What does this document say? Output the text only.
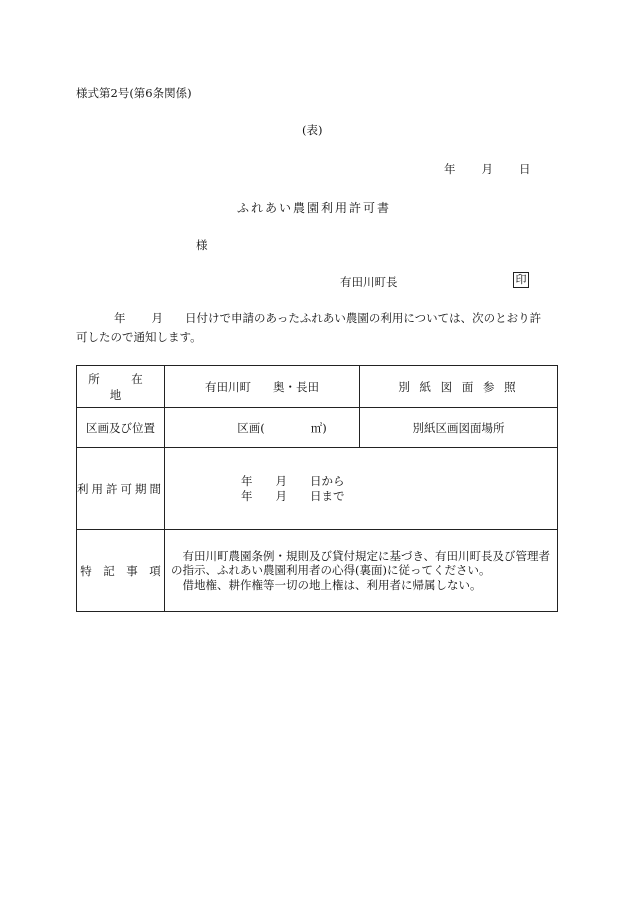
様式第2号(第6条関係)
(表)
年 月 日
ふれあい農園利用許可書
様
有田川町長	印
年 月 日付けで申請のあったふれあい農園の利用については、次のとおり許可したので通知します。
所　在　地	有田川町 奥・長田	別 紙 図 面 参 照
区画及び位置	区画(　　　　㎡)	別紙区画図面場所
利用許可期間	年　　月　　日から
年　　月　　日まで	

特　記　事　項	有田川町農園条例・規則及び貸付規定に基づき、有田川町長及び管理者の指示、ふれあい農園利用者の心得(裏面)に従ってください。

借地権、耕作権等一切の地上権は、利用者に帰属しない。	
